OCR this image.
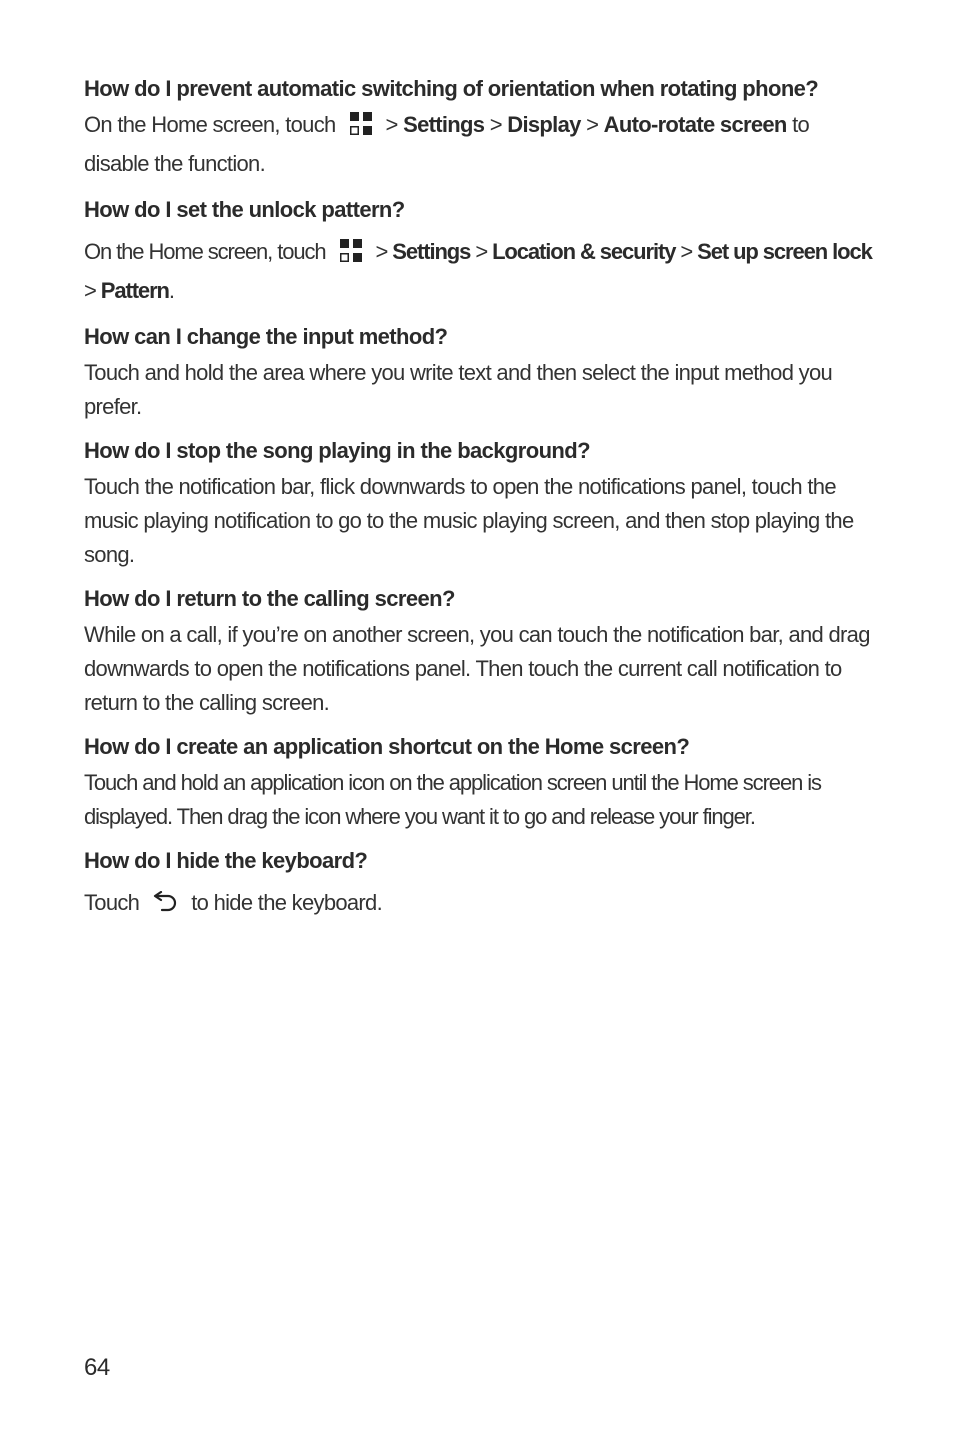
How do I prevent automatic switching of orientation when rotating phone?

On the Home screen, touch > Settings > Display > Auto-rotate screen to disable the function.

How do I set the unlock pattern?

On the Home screen, touch > Settings > Location & security > Set up screen lock > Pattern.

How can I change the input method?

Touch and hold the area where you write text and then select the input method you prefer.

How do I stop the song playing in the background?

Touch the notification bar, flick downwards to open the notifications panel, touch the music playing notification to go to the music playing screen, and then stop playing the song.

How do I return to the calling screen?

While on a call, if you’re on another screen, you can touch the notification bar, and drag downwards to open the notifications panel. Then touch the current call notification to return to the calling screen.

How do I create an application shortcut on the Home screen?

Touch and hold an application icon on the application screen until the Home screen is displayed. Then drag the icon where you want it to go and release your finger.

How do I hide the keyboard?

Touch to hide the keyboard.

64
